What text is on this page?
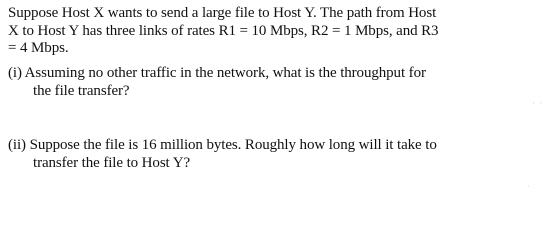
Suppose Host X wants to send a large file to Host Y. The path from Host
X to Host Y has three links of rates R1 = 10 Mbps, R2 = 1 Mbps, and R3
= 4 Mbps.
(i) Assuming no other traffic in the network, what is the throughput for
the file transfer?
· ·
(ii) Suppose the file is 16 million bytes. Roughly how long will it take to
transfer the file to Host Y?
·
